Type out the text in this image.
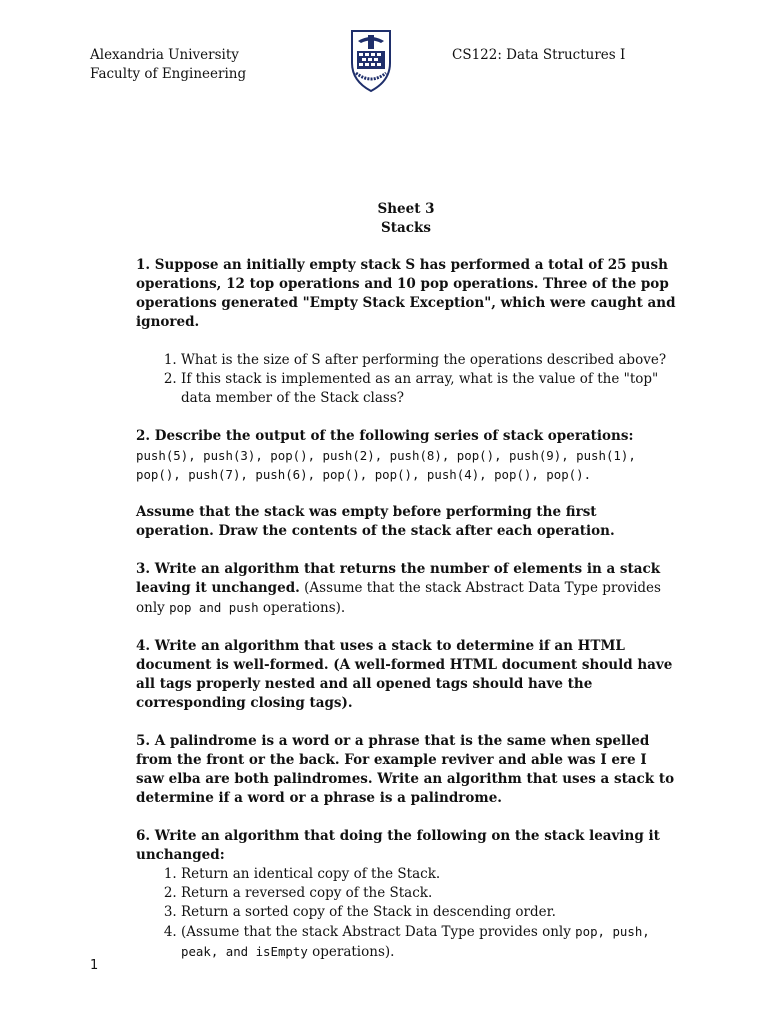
Alexandria University
Faculty of Engineering
CS122: Data Structures I
Sheet 3
Stacks

1. Suppose an initially empty stack S has performed a total of 25 push operations, 12 top operations and 10 pop operations. Three of the pop operations generated "Empty Stack Exception", which were caught and ignored.

1. What is the size of S after performing the operations described above?
2. If this stack is implemented as an array, what is the value of the "top" data member of the Stack class?

2. Describe the output of the following series of stack operations:

push(5), push(3), pop(), push(2), push(8), pop(), push(9), push(1), pop(), push(7), push(6), pop(), pop(), push(4), pop(), pop().

Assume that the stack was empty before performing the first operation. Draw the contents of the stack after each operation.

3. Write an algorithm that returns the number of elements in a stack leaving it unchanged. (Assume that the stack Abstract Data Type provides only pop and push operations).

4. Write an algorithm that uses a stack to determine if an HTML document is well-formed. (A well-formed HTML document should have all tags properly nested and all opened tags should have the corresponding closing tags).

5. A palindrome is a word or a phrase that is the same when spelled from the front or the back. For example reviver and able was I ere I saw elba are both palindromes. Write an algorithm that uses a stack to determine if a word or a phrase is a palindrome.

6. Write an algorithm that doing the following on the stack leaving it unchanged:

1. Return an identical copy of the Stack.
2. Return a reversed copy of the Stack.
3. Return a sorted copy of the Stack in descending order.
4. (Assume that the stack Abstract Data Type provides only pop, push, peak, and isEmpty operations).
1
